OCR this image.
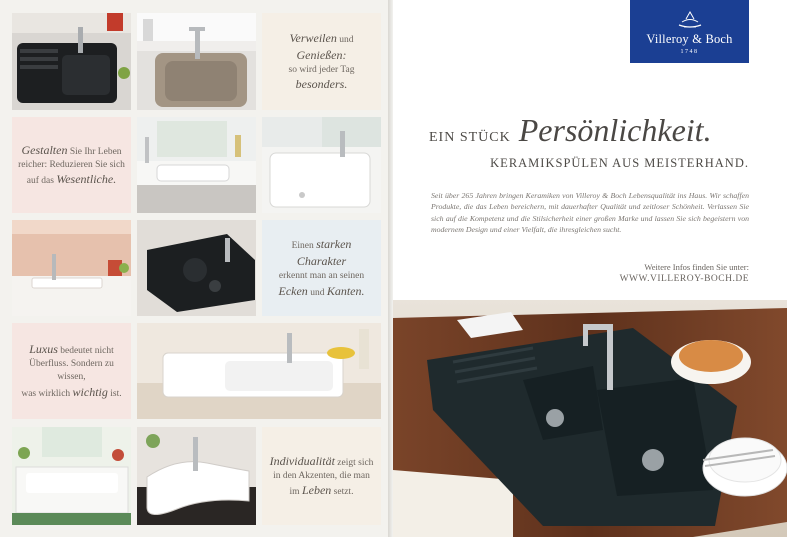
Verweilen und Genießen:
so wird jeder Tag besonders.
Gestalten Sie Ihr Leben
reicher: Reduzieren Sie sich
auf das Wesentliche.
Einen starken Charakter
erkennt man an seinen
Ecken und Kanten.
Luxus bedeutet nicht
Überfluss. Sondern zu wissen,
was wirklich wichtig ist.
Individualität zeigt sich
in den Akzenten, die man
im Leben setzt.
Villeroy & Boch
1748
EIN STÜCK Persönlichkeit.
KERAMIKSPÜLEN AUS MEISTERHAND.
Seit über 265 Jahren bringen Keramiken von Villeroy & Boch Lebensqualität ins Haus. Wir schaffen Produkte, die das Leben bereichern, mit dauerhafter Qualität und zeitloser Schönheit. Verlassen Sie sich auf die Kompetenz und die Stilsicherheit einer großen Marke und lassen Sie sich begeistern von modernem Design und einer Vielfalt, die ihresgleichen sucht.
Weitere Infos finden Sie unter:
WWW.VILLEROY-BOCH.DE
